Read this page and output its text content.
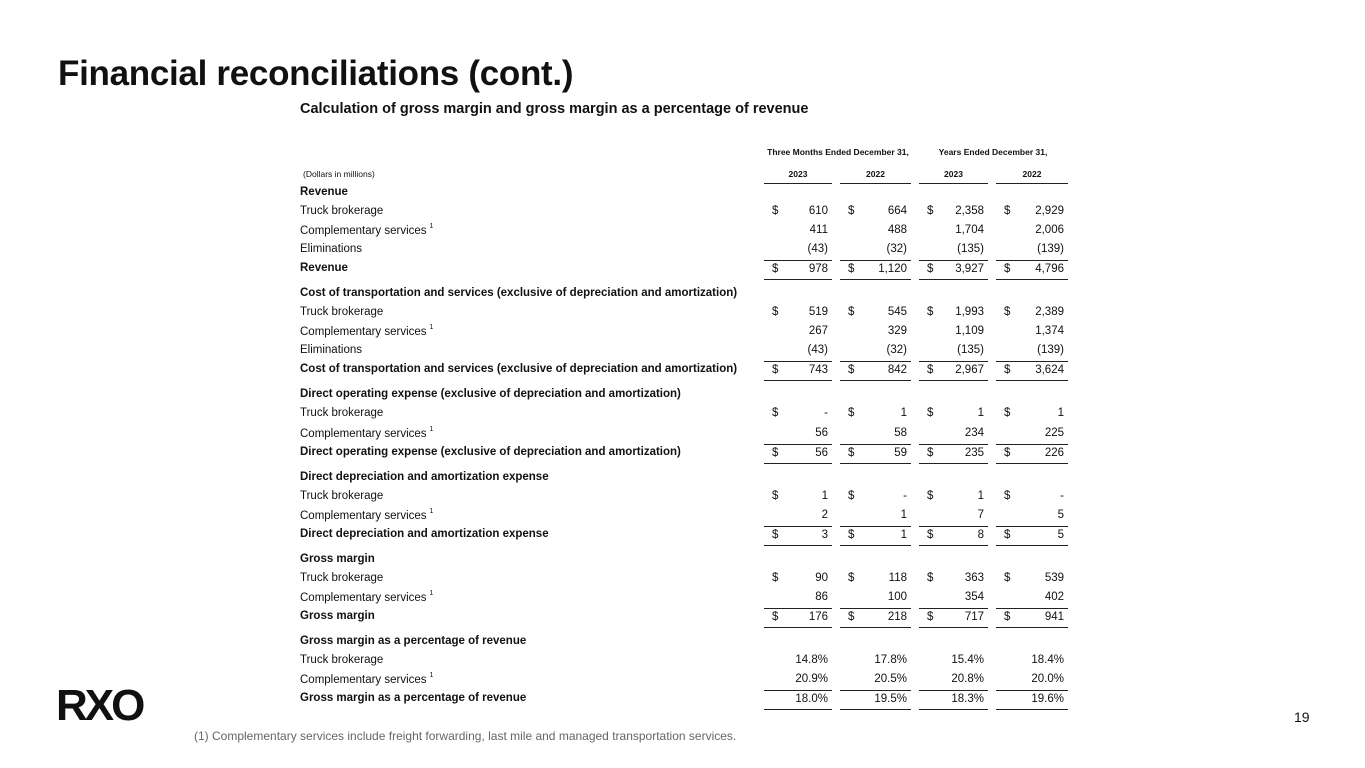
Financial reconciliations (cont.)
Calculation of gross margin and gross margin as a percentage of revenue
Three Months Ended December 31,	Years Ended December 31,
(Dollars in millions)	2023	2022	2023	2022
Revenue
Truck brokerage	$	610 $	664 $ 2,358 $ 2,929
Complementary services $^1$	411	488	1,704	2,006
Eliminations	(43)	(32)	(135)	(139)
Revenue	$	978 $ 1,120 $ 3,927 $ 4,796
Cost of transportation and services (exclusive of depreciation and amortization)
Truck brokerage	$	519 $	545 $ 1,993 $ 2,389
Complementary services $^1$	267	329	1,109	1,374
Eliminations	(43)	(32)	(135)	(139)
Cost of transportation and services (exclusive of depreciation and amortization)	$	743 $	842 $ 2,967 $ 3,624
Direct operating expense (exclusive of depreciation and amortization)
Truck brokerage	$	- $	1 $	1 $	1
Complementary services $^1$	56	58	234	225
Direct operating expense (exclusive of depreciation and amortization)	$	56 $	59 $	235 $	226
Direct depreciation and amortization expense
Truck brokerage	$	1 $	- $	1 $	-
Complementary services $^1$	2	1	7	5
Direct depreciation and amortization expense	$	3 $	1 $	8 $	5
Gross margin
Truck brokerage	$	90 $	118 $	363 $	539
Complementary services $^1$	86	100	354	402
Gross margin	$	176 $	218 $	717 $	941
Gross margin as a percentage of revenue
Truck brokerage	14.8%	17.8%	15.4%	18.4%
Complementary services $^1$	20.9%	20.5%	20.8%	20.0%
Gross margin as a percentage of revenue	18.0%	19.5%	18.3%	19.6%
RXO	19
(1) Complementary services include freight forwarding, last mile and managed transportation services.
